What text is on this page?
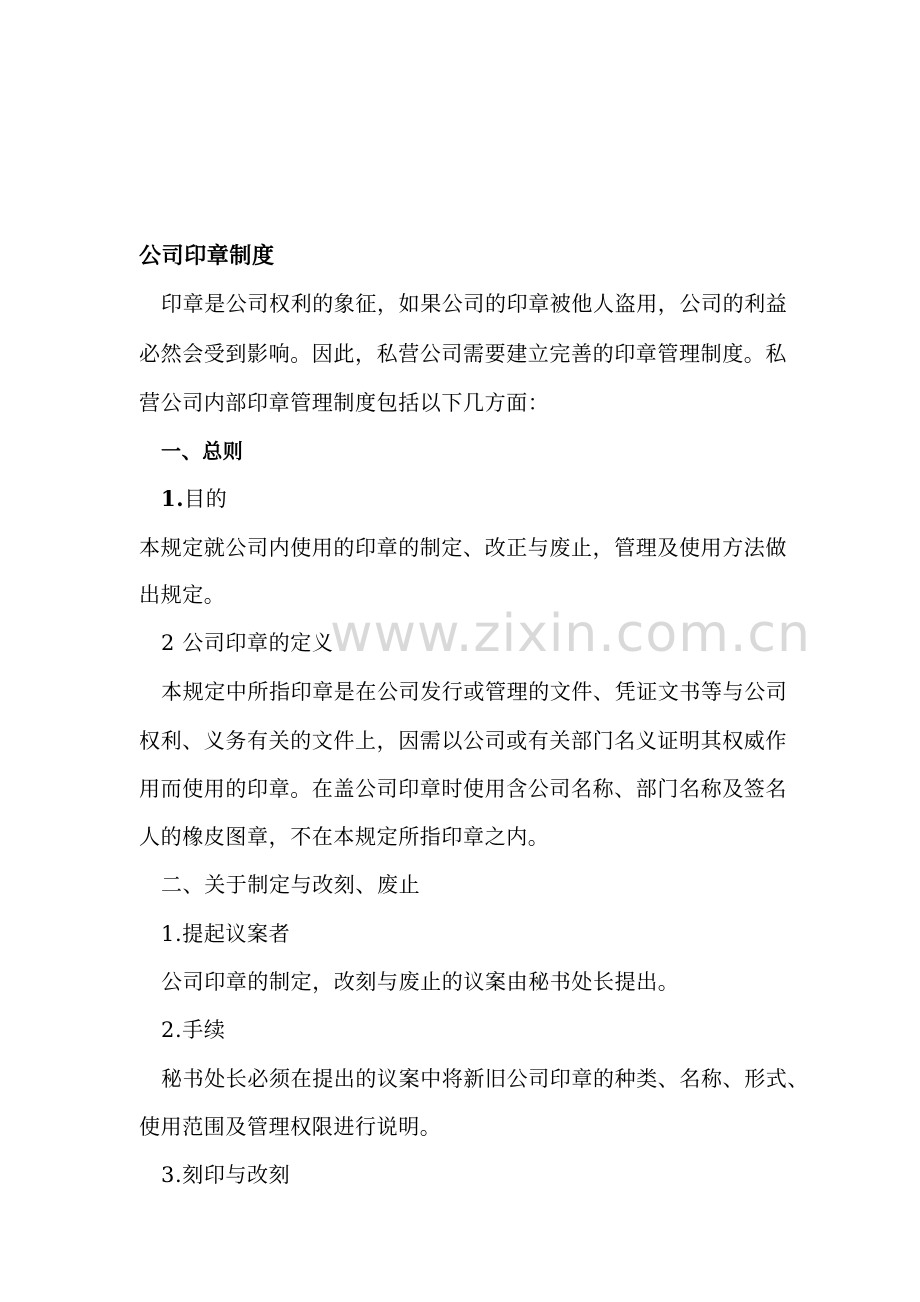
公司印章制度
印章是公司权利的象征，如果公司的印章被他人盗用，公司的利益
必然会受到影响。因此，私营公司需要建立完善的印章管理制度。私
营公司内部印章管理制度包括以下几方面：
一、总则
1.目的
本规定就公司内使用的印章的制定、改正与废止，管理及使用方法做
出规定。
2 公司印章的定义
本规定中所指印章是在公司发行或管理的文件、凭证文书等与公司
权利、义务有关的文件上，因需以公司或有关部门名义证明其权威作
用而使用的印章。在盖公司印章时使用含公司名称、部门名称及签名
人的橡皮图章，不在本规定所指印章之内。
二、关于制定与改刻、废止
1.提起议案者
公司印章的制定，改刻与废止的议案由秘书处长提出。
2.手续
秘书处长必须在提出的议案中将新旧公司印章的种类、名称、形式、
使用范围及管理权限进行说明。
3.刻印与改刻
www.zixin.com.cn
